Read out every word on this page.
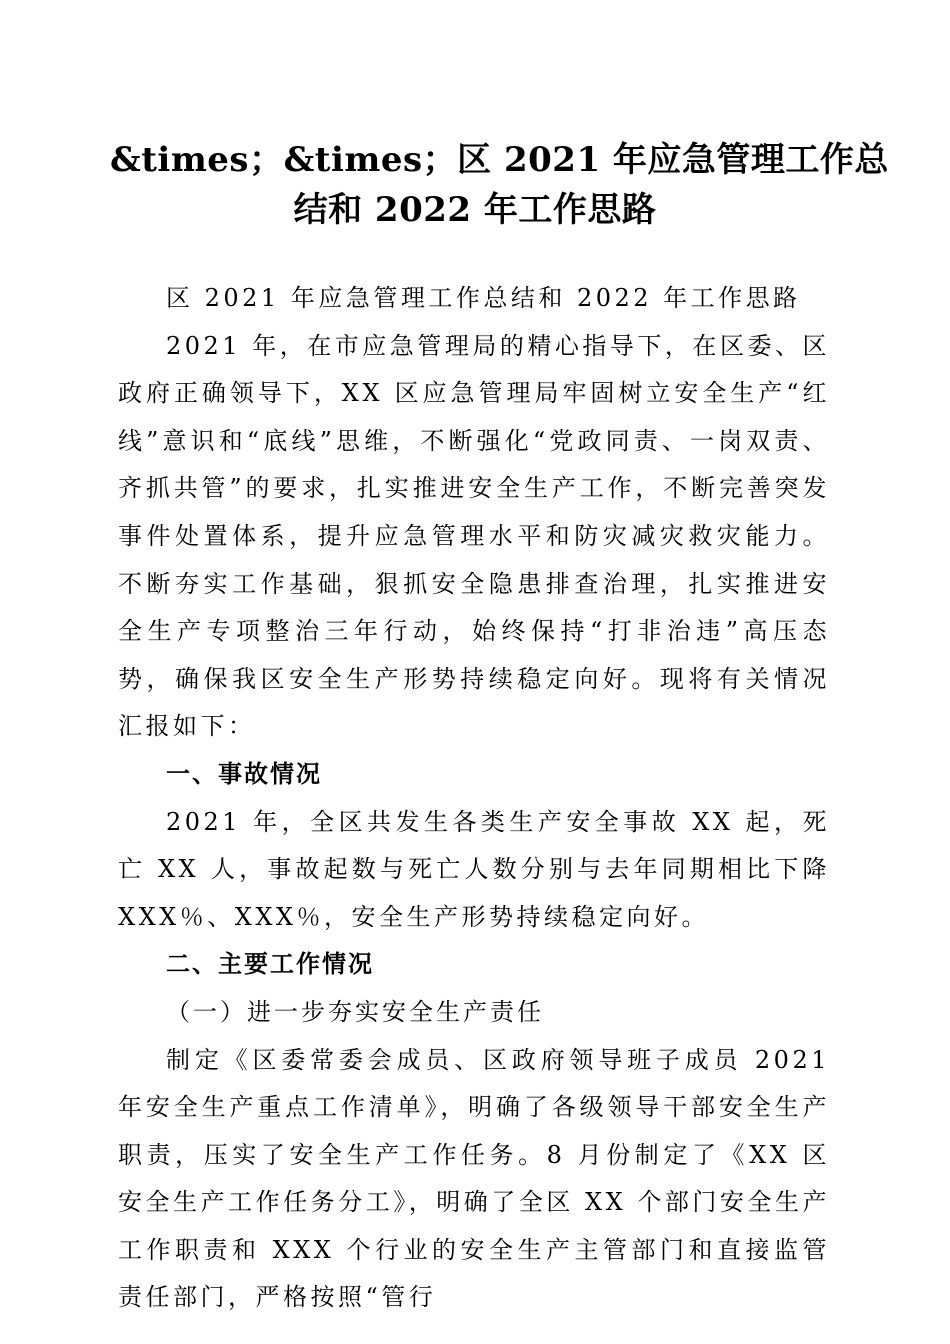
&times；&times；区 2021 年应急管理工作总
结和 2022 年工作思路

区 2021 年应急管理工作总结和 2022 年工作思路

2021 年，在市应急管理局的精心指导下，在区委、区政府正确领导下，XX 区应急管理局牢固树立安全生产“红线”意识和“底线”思维，不断强化“党政同责、一岗双责、齐抓共管”的要求，扎实推进安全生产工作，不断完善突发事件处置体系，提升应急管理水平和防灾减灾救灾能力。不断夯实工作基础，狠抓安全隐患排查治理，扎实推进安全生产专项整治三年行动，始终保持“打非治违”高压态势，确保我区安全生产形势持续稳定向好。现将有关情况汇报如下：

一、事故情况

2021 年，全区共发生各类生产安全事故 XX 起，死亡 XX 人，事故起数与死亡人数分别与去年同期相比下降 XXX％、XXX％，安全生产形势持续稳定向好。

二、主要工作情况

（一）进一步夯实安全生产责任

制定《区委常委会成员、区政府领导班子成员 2021 年安全生产重点工作清单》，明确了各级领导干部安全生产职责，压实了安全生产工作任务。8 月份制定了《XX 区安全生产工作任务分工》，明确了全区 XX 个部门安全生产工作职责和 XXX 个行业的安全生产主管部门和直接监管责任部门，严格按照“管行
